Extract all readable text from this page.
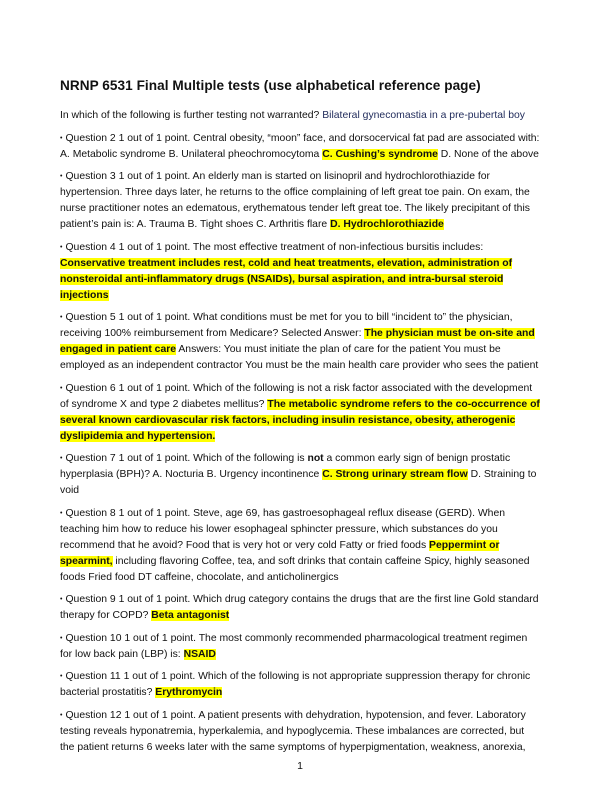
NRNP 6531 Final Multiple tests (use alphabetical reference page)

In which of the following is further testing not warranted? Bilateral gynecomastia in a pre-pubertal boy

• Question 2 1 out of 1 point. Central obesity, “moon” face, and dorsocervical fat pad are associated with: A. Metabolic syndrome B. Unilateral pheochromocytoma C. Cushing’s syndrome D. None of the above

• Question 3 1 out of 1 point. An elderly man is started on lisinopril and hydrochlorothiazide for hypertension. Three days later, he returns to the office complaining of left great toe pain. On exam, the nurse practitioner notes an edematous, erythematous tender left great toe. The likely precipitant of this patient’s pain is: A. Trauma B. Tight shoes C. Arthritis flare D. Hydrochlorothiazide

• Question 4 1 out of 1 point. The most effective treatment of non-infectious bursitis includes: Conservative treatment includes rest, cold and heat treatments, elevation, administration of nonsteroidal anti-inflammatory drugs (NSAIDs), bursal aspiration, and intra-bursal steroid injections

• Question 5 1 out of 1 point. What conditions must be met for you to bill “incident to” the physician, receiving 100% reimbursement from Medicare? Selected Answer: The physician must be on-site and engaged in patient care Answers: You must initiate the plan of care for the patient You must be employed as an independent contractor You must be the main health care provider who sees the patient

• Question 6 1 out of 1 point. Which of the following is not a risk factor associated with the development of syndrome X and type 2 diabetes mellitus? The metabolic syndrome refers to the co-occurrence of several known cardiovascular risk factors, including insulin resistance, obesity, atherogenic dyslipidemia and hypertension.

• Question 7 1 out of 1 point. Which of the following is not a common early sign of benign prostatic hyperplasia (BPH)? A. Nocturia B. Urgency incontinence C. Strong urinary stream flow D. Straining to void

• Question 8 1 out of 1 point. Steve, age 69, has gastroesophageal reflux disease (GERD). When teaching him how to reduce his lower esophageal sphincter pressure, which substances do you recommend that he avoid? Food that is very hot or very cold Fatty or fried foods Peppermint or spearmint, including flavoring Coffee, tea, and soft drinks that contain caffeine Spicy, highly seasoned foods Fried food DT caffeine, chocolate, and anticholinergics

• Question 9 1 out of 1 point. Which drug category contains the drugs that are the first line Gold standard therapy for COPD? Beta antagonist

• Question 10 1 out of 1 point. The most commonly recommended pharmacological treatment regimen for low back pain (LBP) is: NSAID

• Question 11 1 out of 1 point. Which of the following is not appropriate suppression therapy for chronic bacterial prostatitis? Erythromycin

• Question 12 1 out of 1 point. A patient presents with dehydration, hypotension, and fever. Laboratory testing reveals hyponatremia, hyperkalemia, and hypoglycemia. These imbalances are corrected, but the patient returns 6 weeks later with the same symptoms of hyperpigmentation, weakness, anorexia,

1
